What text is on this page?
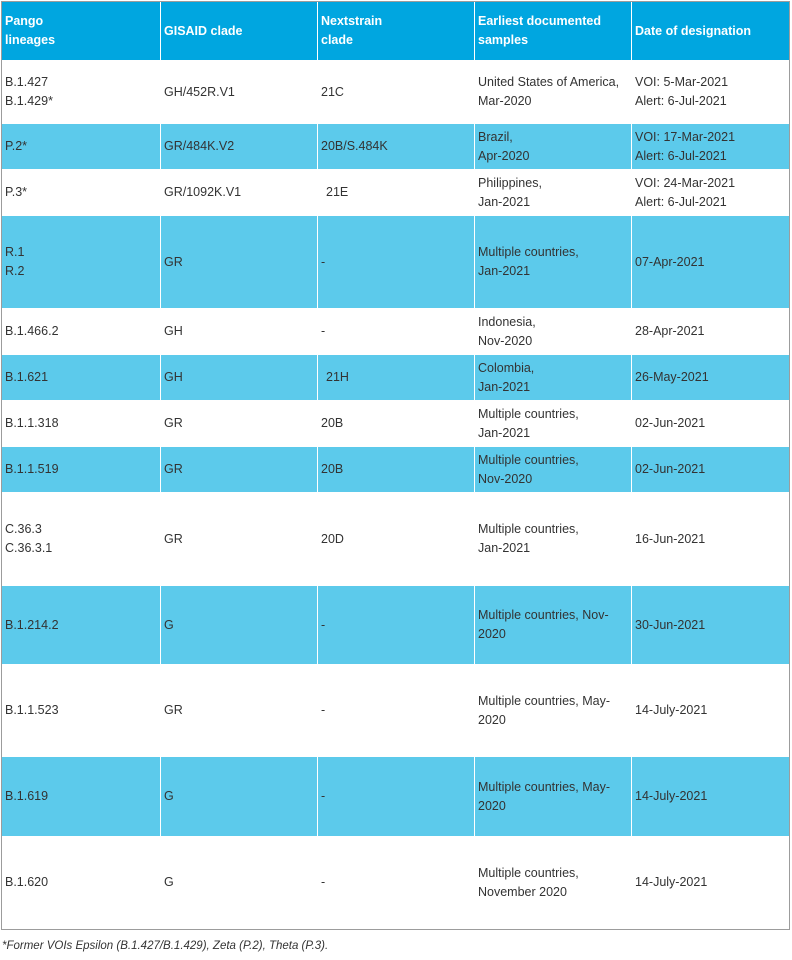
Pango lineages	GISAID clade	Nextstrain clade	Earliest documented samples	Date of designation

B.1.427
B.1.429*	GH/452R.V1	21C	United States of America,
Mar-2020	VOI: 5-Mar-2021
Alert: 6-Jul-2021

P.2*	GR/484K.V2	20B/S.484K	Brazil,
Apr-2020	VOI: 17-Mar-2021
Alert: 6-Jul-2021

P.3*	GR/1092K.V1	21E	Philippines,
Jan-2021	VOI: 24-Mar-2021
Alert: 6-Jul-2021

R.1
R.2	GR	-	Multiple countries,
Jan-2021	07-Apr-2021

B.1.466.2	GH	-	Indonesia,
Nov-2020	28-Apr-2021

B.1.621	GH	21H	Colombia,
Jan-2021	26-May-2021

B.1.1.318	GR	20B	Multiple countries,
Jan-2021	02-Jun-2021

B.1.1.519	GR	20B	Multiple countries,
Nov-2020	02-Jun-2021

C.36.3
C.36.3.1	GR	20D	Multiple countries,
Jan-2021	16-Jun-2021

B.1.214.2	G	-	Multiple countries, Nov-
2020	30-Jun-2021

B.1.1.523	GR	-	Multiple countries, May-
2020	14-July-2021

B.1.619	G	-	Multiple countries, May-
2020	14-July-2021

B.1.620	G	-	Multiple countries,
November 2020	14-July-2021
*Former VOIs Epsilon (B.1.427/B.1.429), Zeta (P.2), Theta (P.3).
